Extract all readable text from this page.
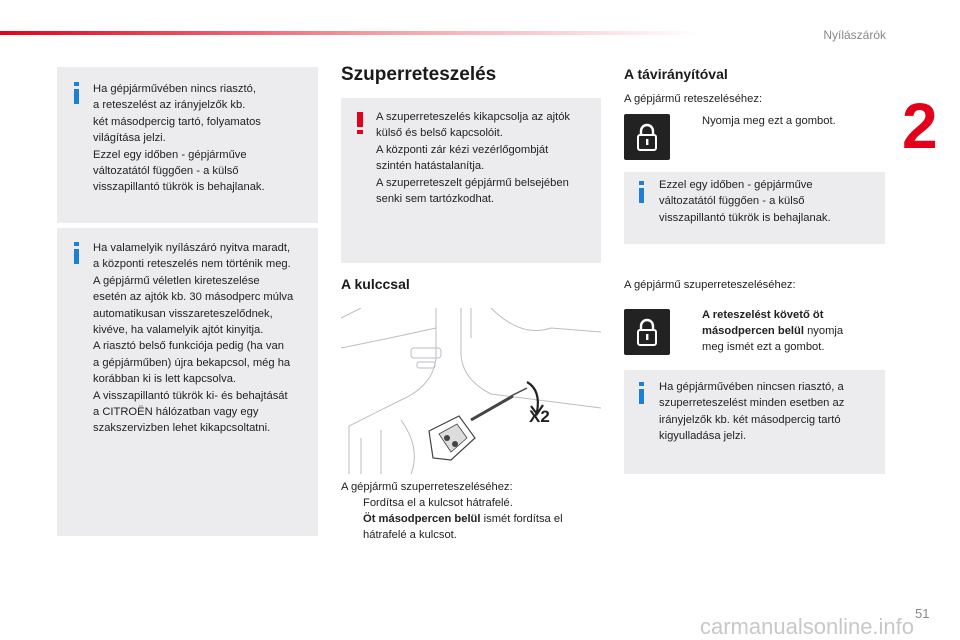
Nyílászárók
2

Ha gépjárművében nincs riasztó,

a reteszelést az irányjelzők kb.

két másodpercig tartó, folyamatos

világítása jelzi.

Ezzel egy időben - gépjárműve

változatától függően - a külső

visszapillantó tükrök is behajlanak.

Ha valamelyik nyílászáró nyitva maradt,

a központi reteszelés nem történik meg.

A gépjármű véletlen kireteszelése

esetén az ajtók kb. 30 másodperc múlva

automatikusan visszareteszelődnek,

kivéve, ha valamelyik ajtót kinyitja.

A riasztó belső funkciója pedig (ha van

a gépjárműben) újra bekapcsol, még ha

korábban ki is lett kapcsolva.

A visszapillantó tükrök ki- és behajtását

a CITROËN hálózatban vagy egy

szakszervizben lehet kikapcsoltatni.

Szuperreteszelés

A szuperreteszelés kikapcsolja az ajtók

külső és belső kapcsolóit.

A központi zár kézi vezérlőgombját

szintén hatástalanítja.

A szuperreteszelt gépjármű belsejében

senki sem tartózkodhat.

A kulccsal
X2

A gépjármű szuperreteszeléséhez:

Fordítsa el a kulcsot hátrafelé.
Öt másodpercen belül ismét fordítsa el
hátrafelé a kulcsot.
A távirányítóval

A gépjármű reteszeléséhez:

Nyomja meg ezt a gombot.

Ezzel egy időben - gépjárműve

változatától függően - a külső

visszapillantó tükrök is behajlanak.

A gépjármű szuperreteszeléséhez:

A reteszelést követő öt
másodpercen belül nyomja
meg ismét ezt a gombot.

Ha gépjárművében nincsen riasztó, a

szuperreteszelést minden esetben az

irányjelzők kb. két másodpercig tartó

kigyulladása jelzi.

51
carmanualsonline.info
